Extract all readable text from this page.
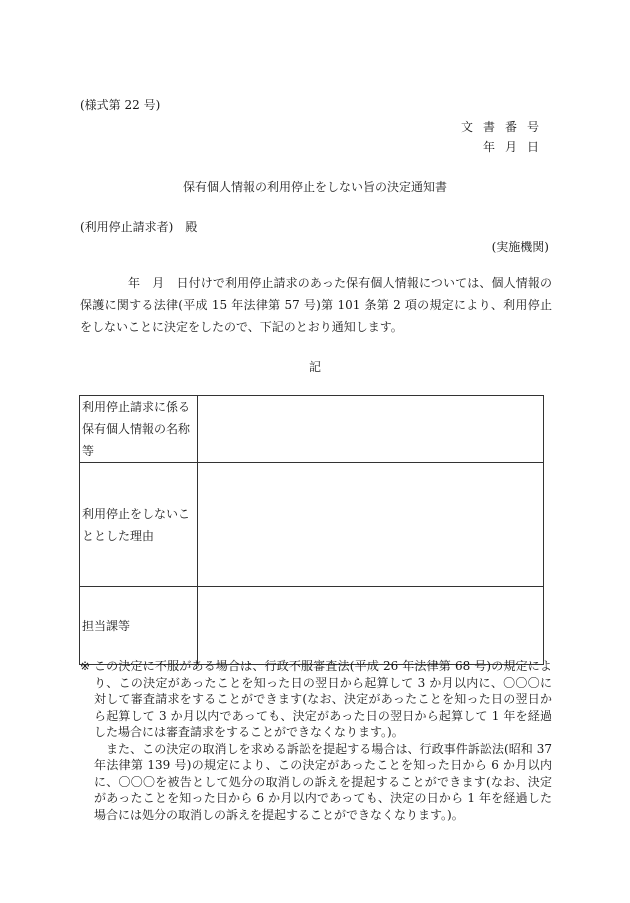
(様式第 22 号)
文書番号
年月日
保有個人情報の利用停止をしない旨の決定通知書
(利用停止請求者)　殿
(実施機関)
年　月　日付けで利用停止請求のあった保有個人情報については、個人情報の保護に関する法律(平成 15 年法律第 57 号)第 101 条第 2 項の規定により、利用停止をしないことに決定をしたので、下記のとおり通知します。
記
利用停止請求に係る保有個人情報の名称等	
利用停止をしないこととした理由	
担当課等	
※ この決定に不服がある場合は、行政不服審査法(平成 26 年法律第 68 号)の規定により、この決定があったことを知った日の翌日から起算して 3 か月以内に、〇〇〇に対して審査請求をすることができます(なお、決定があったことを知った日の翌日から起算して 3 か月以内であっても、決定があった日の翌日から起算して 1 年を経過した場合には審査請求をすることができなくなります。)。
また、この決定の取消しを求める訴訟を提起する場合は、行政事件訴訟法(昭和 37 年法律第 139 号)の規定により、この決定があったことを知った日から 6 か月以内に、〇〇〇を被告として処分の取消しの訴えを提起することができます(なお、決定があったことを知った日から 6 か月以内であっても、決定の日から 1 年を経過した場合には処分の取消しの訴えを提起することができなくなります。)。
